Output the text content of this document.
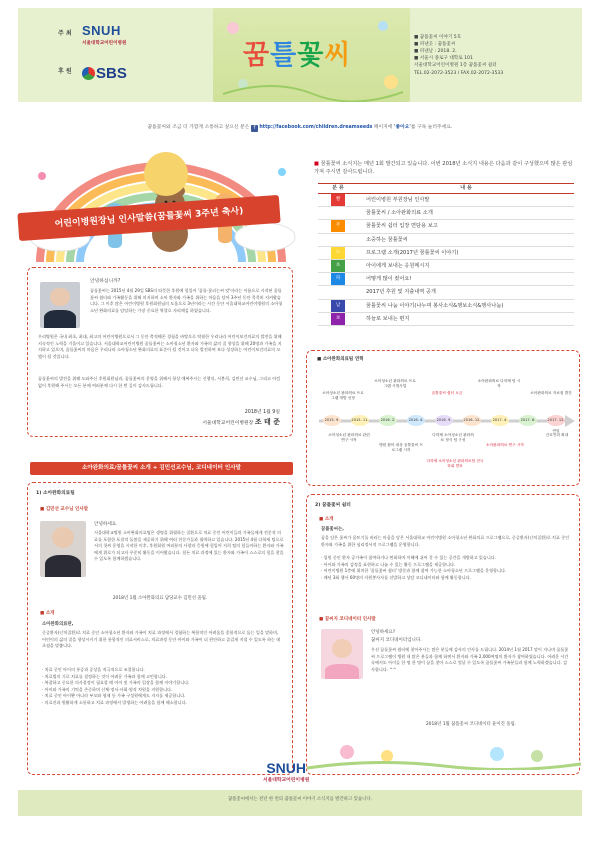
주 최
후 원
SNUH
서울대학교어린이병원
SBS
꿈틀꽃씨
■ 꿈틀꽃씨 이야기 5호
■ 펴낸곳 : 꿈틀꽃씨
■ 펴낸날 : 2018. 2.
■ 서울시 종로구 대학로 101
서울대학교어린이병원 1층 꿈틀꽃씨 쉼터
TEL.02-2072-3523 / FAX.02-2072-3533
꿈틀꽃씨와 조금 더 가깝게 소통하고 싶으신 분은 f http://facebook.com/children.dreamseeds 페이지에 '좋아요'를 구독 눌러주세요.
어린이병원장님 인사말씀(꿈틀꽃씨 3주년 축사)
안녕하십니까?
꿈틀꽃씨는 2015년 4월 29일 SBS의 따뜻한 후원에 힘입어 '꿈틀·꽃피는씨 앗'이라는 이름으로 시작된 꿈틀꽃씨 쉼터와 가족활동을 위해 의지하며 소아 환자와 가족을 위하는 마음을 담아 3주년 동안 묵묵히 지켜왔습니다. 그 이후 많은 어린이병원 후원회원님의 도움으로 3년이라는 시간 동안 서울대학교어린이병원의 소아청소년 완화의료를 담당하는 가장 중요한 역할로 자리매김 하였습니다.
우리병원은 국내 최초, 최대, 최고의 어린이병원으로서 그 동안 축적해온 경험을 바탕으로 탁월한 우리나라 어린이보건의료의 발전을 위해 지속적인 노력을 기울이고 있습니다. 서울대학교어린이병원 꿈틀꽃씨는 소아청소년 환자와 가족의 삶의 질 향상을 위해 20명과 가족을 지지하고 있으며, 꿈틀꽃씨의 마음은 우리나라 소아청소년 완화의료의 표준이 될 것이고 더욱 발전하여 보다 성장하는 어린이보건의료의 모델이 될 것입니다.
꿈틀꽃씨의 발전을 위해 도와주신 후원회원님과, 꿈틀꽃씨의 운영을 위해서 항상 애써주시는 신행익, 서봉희, 김민선 교수님, 그리고 아낌없이 후원해 주시는 모든 분께 여러분께 다시 한 번 깊이 감사드립니다.
2018년 1월 9일
서울대학교어린이병원장 조 태 준
소아완화의료/꿈틀꽃씨 소개 + 김민선교수님, 코디네이터 인사말
1) 소아완화의료팀
■ 김민선 교수님 인사말
안녕하세요.
서울대학교병원 소아완화의료팀은 생명을 위협하는 질환으로 치료 중인 어린이들과 가족들에게 전문적 의료를 포함한 포괄적 돌봄을 제공하기 위해 여러 전문가들과 협력하고 있습니다. 2015년 4월 다학제 팀으로서의 첫씨 운영을 시작한 이후, 후원회원 여러분의 사랑과 응원에 힘입어 저희 팀의 힘들어하는 환자와 가족에게 위로가 되고자 꾸준히 활동을 이어왔습니다. 힘든 치료 과정에 있는 환자와 가족이 스스로의 힘을 찾을 수 있도록 함께하겠습니다.
2018년 1월 소아완화의료 담당교수 김민선 올림.
■ 소개
소아완화의료란,
중증환자(난치질환)로 치료 중인 소아청소년 환자와 가족이 치료 과정에서 경험하는 복합적인 어려움을 종합적으로 돕는 일을 말하며, 어린이의 삶의 질을 향상시키기 위한 통합적인 의료서비스로, 치료과정 동안 아이와 가족이 더 편안하고 즐겁게 지낼 수 있도록 하는 데 초점을 맞춥니다.
· 치료 중인 아이의 통증과 증상을 적극적으로 조절합니다.
· 치료법의 기로 치료를 결정하는 것이 어려운 가족과 함께 고민합니다.
· 복잡하고 중요한 의사결정이 필요할 때 아이 및 가족의 입장을 함께 이야기합니다.
· 아이와 가족의 기억을 존중하며 신체·정서·사회·영적 차원을 지원합니다.
· 치료 중인 아이뿐 아니라 부모와 형제 등 가족 구성원에게도 지지를 제공합니다.
· 의료진과 원활하게 소통하고 치료 과정에서 발생하는 어려움을 함께 해소합니다.
■ 꿈틀꽃씨 소식지는 매년 1회 발간되고 있습니다. 이번 2018년 소식지 내용은 다음과 같이 구성했으며 많은 관심 가져 주시면 감사드립니다.
분 류	내 용
빨	어린이병원 부원장님 인사말
꿈틀꽃씨 / 소아완화의료 소개
주	꿈틀꽃씨 쉼터 입장 면담용 보고
소중하는 꿈틀꽃씨
노	프로그램 소개(2017년 꿈틀꽃씨 이야기)
초	아이에게 보내는 응원메시지
파	어떻게 많이 컸어요!
2017년 후원 및 지출내역 공개
남	꿈틀꽃씨 나눔 이야기(나누며 봉사소식&행보소식&행사나눔)
보	하늘로 보내는 편지
■ 소아완화의료팀 연혁
2015. 9.	2015. 11.	2016. 2.	2016. 4.	2016. 9.	2016. 12.	2017. 4.	2017. 6.	2017. 12. 연말
소아청소년 완화의료 프로그램 개발 선정
소아청소년 완화의료 프로그램 시범사업
꿈틀꽃씨 쉼터 오픈
소아완화의료 다학제 팀 시작
소아완화의료 자료집 발간
소아청소년 완화의료 관련 연구 시작
병원 환아 대상 꿈틀꽃씨 프로그램 시작
다학제 소아청소년 완화의료 정식 팀 구성
소아완화의료 연구 시작
간호인력 확대
다학제 소아청소년 완화의료팀 전국 학회 발표
2) 꿈틀꽃씨 쉼터
■ 소개
꿈틀꽃씨는,
꿈을 담은 꽃씨가 움트기를 바라는 마음을 담은 서울대학교 어린이병원 소아청소년 완화의료 프로그램으로, 중증환자(난치질환)로 치료 중인 환자와 가족을 위한 심리정서적 프로그램을 운영합니다.
· 입원 중인 환자 공가족이 참여하거나 면회하며 이해에 쉬어 갈 수 있는 공간을 개방하고 있습니다.
· 아이와 가족의 감정을 표현하고 나눌 수 있는 활동 프로그램을 제공합니다.
· 어린이병원 1층에 위치한 '꿈틀꽃씨 쉼터' 방문과 함께 참여 가능한 소아청소년 프로그램을 운영합니다.
· 매년 3회 행사 60명의 자원봉사자를 선발하고 상담 코디네이터와 함께 활동합니다.
■ 꿈씨지 코디네이터 인사말
안녕하세요?
꿈씨지 코디네이터입니다.
우선 꿈틀꽃씨 쉼터에 찾아주시는 많은 분들께 감사의 인사를 드립니다. 2014년 1월 2017 말이 지나며 꿈틀꽃씨 프로그램이 병원 내 많은 분들과 함께 하면서 환자와 가족 2,000여명의 환자가 참여하였습니다. 어려운 시간 속에서도 아이들 한 명 한 명이 꿈을 찾아 스스로 빛날 수 있도록 꿈틀꽃씨 가족분들과 함께 노력하겠습니다. 감사합니다. ^^
2018년 1월 꿈틀꽃씨 코디네이터 윤이진 올림.
SNUH
서울대학교어린이병원
꿈틀꽃씨에서는 전년 한 번의 꿈틀꽃씨 이야기 소식지를 발간하고 있습니다.
